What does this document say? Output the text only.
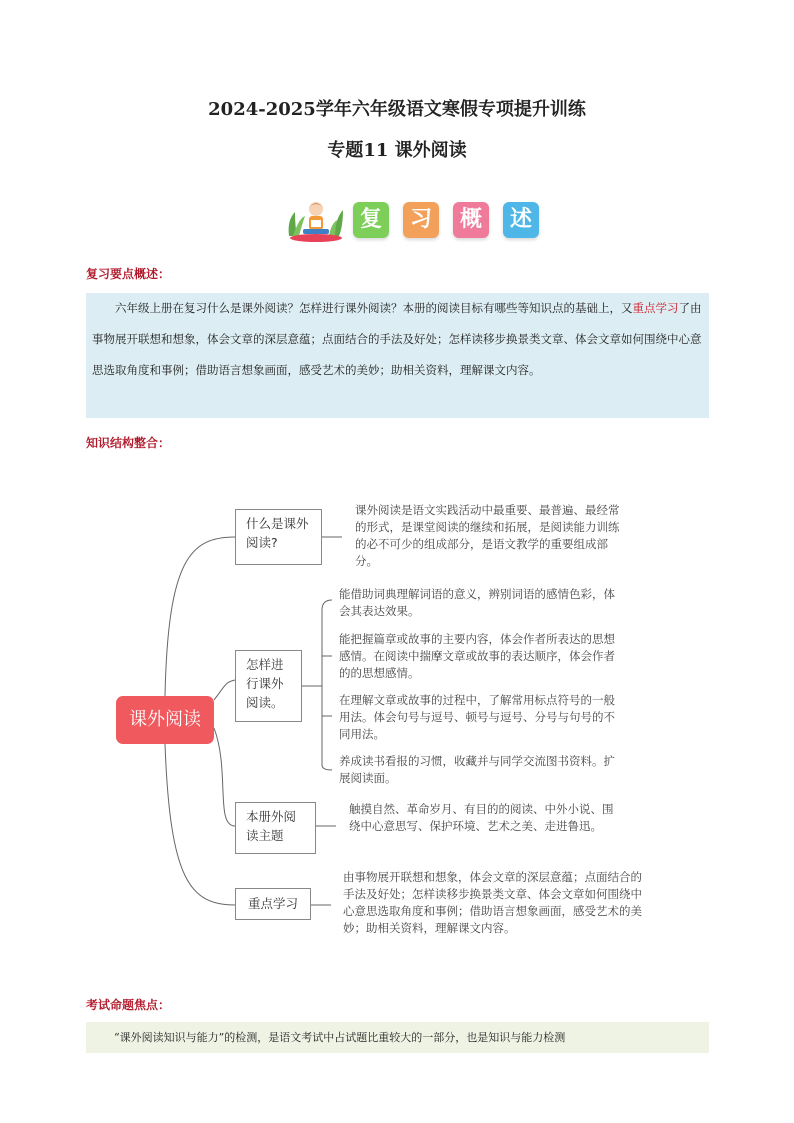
2024-2025学年六年级语文寒假专项提升训练
专题11 课外阅读
复	习	概	述
复习要点概述：

六年级上册在复习什么是课外阅读？怎样进行课外阅读？本册的阅读目标有哪些等知识点的基础上，又重点学习了由事物展开联想和想象，体会文章的深层意蕴；点面结合的手法及好处；怎样读移步换景类文章、体会文章如何围绕中心意思选取角度和事例；借助语言想象画面，感受艺术的美妙；助相关资料，理解课文内容。

知识结构整合：
课外阅读
什么是课外阅读?
课外阅读是语文实践活动中最重要、最普遍、最经常的形式，是课堂阅读的继续和拓展，是阅读能力训练的必不可少的组成部分，是语文教学的重要组成部分。
怎样进行课外阅读。
能借助词典理解词语的意义，辨别词语的感情色彩，体会其表达效果。
能把握篇章或故事的主要内容，体会作者所表达的思想感情。在阅读中揣摩文章或故事的表达顺序，体会作者的的思想感情。
在理解文章或故事的过程中，了解常用标点符号的一般用法。体会句号与逗号、顿号与逗号、分号与句号的不同用法。
养成读书看报的习惯，收藏并与同学交流图书资料。扩展阅读面。
本册外阅读主题
触摸自然、革命岁月、有目的的阅读、中外小说、围绕中心意思写、保护环境、艺术之美、走进鲁迅。
重点学习
由事物展开联想和想象，体会文章的深层意蕴；点面结合的手法及好处；怎样读移步换景类文章、体会文章如何围绕中心意思选取角度和事例；借助语言想象画面，感受艺术的美妙；助相关资料，理解课文内容。
考试命题焦点：

“课外阅读知识与能力”的检测，是语文考试中占试题比重较大的一部分，也是知识与能力检测
